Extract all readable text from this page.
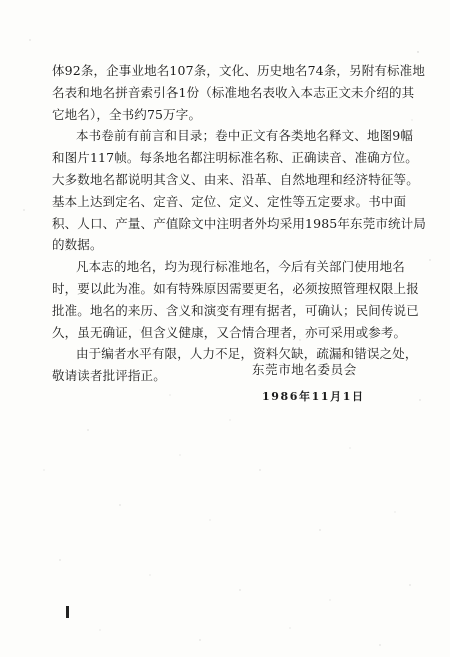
体92条，企事业地名107条，文化、历史地名74条，另附有标准地
名表和地名拼音索引各1份（标准地名表收入本志正文未介绍的其
它地名），全书约75万字。
本书卷前有前言和目录；卷中正文有各类地名释文、地图9幅
和图片117帧。每条地名都注明标准名称、正确读音、准确方位。
大多数地名都说明其含义、由来、沿革、自然地理和经济特征等。
基本上达到定名、定音、定位、定义、定性等五定要求。书中面
积、人口、产量、产值除文中注明者外均采用1985年东莞市统计局
的数据。
凡本志的地名，均为现行标准地名，今后有关部门使用地名
时，要以此为准。如有特殊原因需要更名，必须按照管理权限上报
批准。地名的来历、含义和演变有理有据者，可确认；民间传说已
久，虽无确证，但含义健康，又合情合理者，亦可采用或参考。
由于编者水平有限，人力不足，资料欠缺，疏漏和错误之处，
敬请读者批评指正。	东莞市地名委员会
1986年11月1日
